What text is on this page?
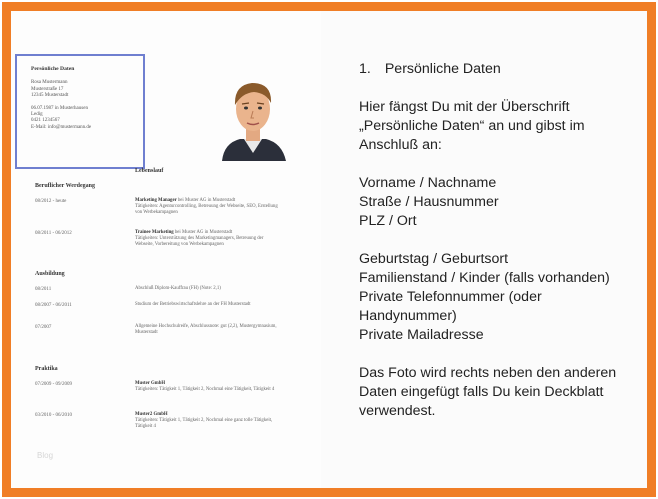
Persönliche Daten
Rosa Mustermann
Musterstraße 17
12345 Musterstadt
06.07.1987 in Musterhausen
Ledig
0421 1234567
E-Mail: info@mustermann.de
Lebenslauf
Beruflicher Werdegang
08/2012 - heute	Marketing Manager bei Muster AG in Musterstadt
Tätigkeiten: Agenturcontrolling, Betreuung der Webseite, SEO, Erstellung von Werbekampagnen
08/2011 - 06/2012	Trainee Marketing bei Muster AG in Musterstadt
Tätigkeiten: Unterstützung des Marketingmanagers, Betreuung der Webseite, Vorbereitung von Werbekampagnen
Ausbildung
08/2011	Abschluß Diplom-Kauffrau (FH) (Note: 2,1)
08/2007 - 06/2011	Studium der Betriebswirtschaftslehre an der FH Musterstadt
07/2007	Allgemeine Hochschulreife, Abschlussnote: gut (2,2), Mustergymnasium, Musterstadt
Praktika
07/2009 - 09/2009	Muster GmbH
Tätigkeiten: Tätigkeit 1, Tätigkeit 2, Nochmal eine Tätigkeit, Tätigkeit 4
03/2010 - 06/2010	Muster2 GmbH
Tätigkeiten: Tätigkeit 1, Tätigkeit 2, Nochmal eine ganz tolle Tätigkeit, Tätigkeit 4
Blog
1. Persönliche Daten

Hier fängst Du mit der Überschrift
„Persönliche Daten“ an und gibst im
Anschluß an:

Vorname / Nachname
Straße / Hausnummer
PLZ / Ort

Geburtstag / Geburtsort
Familienstand / Kinder (falls vorhanden)
Private Telefonnummer (oder
Handynummer)
Private Mailadresse

Das Foto wird rechts neben den anderen
Daten eingefügt falls Du kein Deckblatt
verwendest.
